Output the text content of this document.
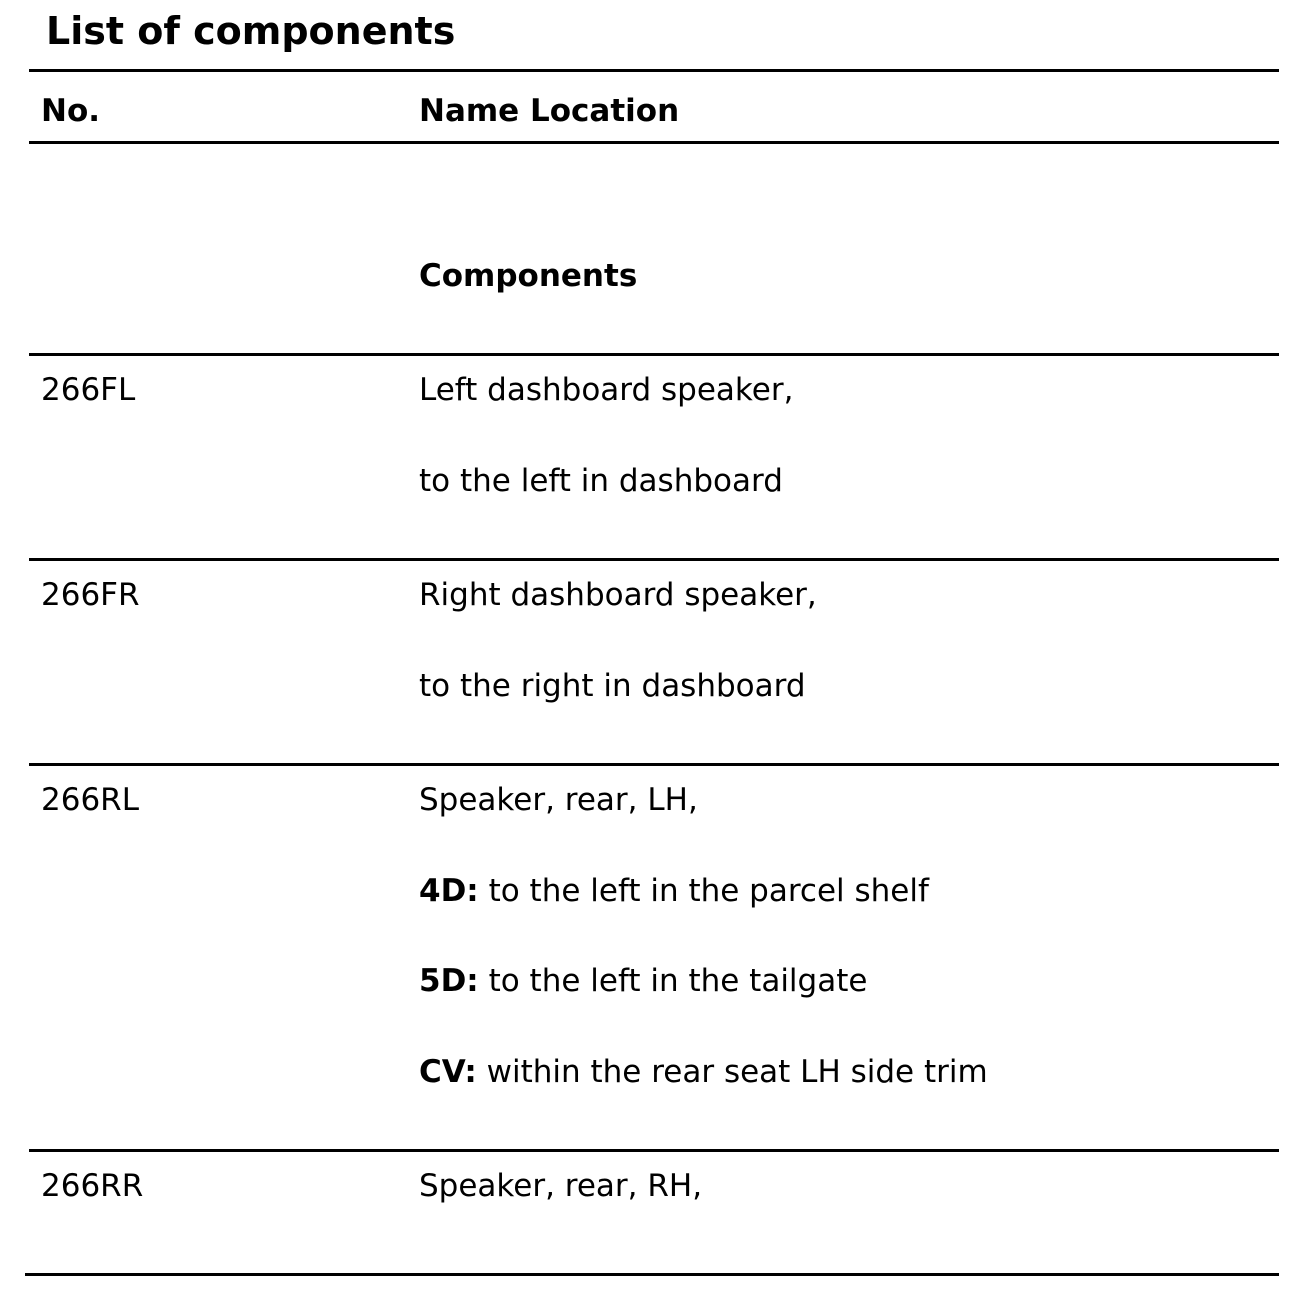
List of components
No.	Name Location
Components
266FL	Left dashboard speaker,
to the left in dashboard
266FR	Right dashboard speaker,
to the right in dashboard
266RL	Speaker, rear, LH,
4D: to the left in the parcel shelf
5D: to the left in the tailgate
CV: within the rear seat LH side trim
266RR	Speaker, rear, RH,
